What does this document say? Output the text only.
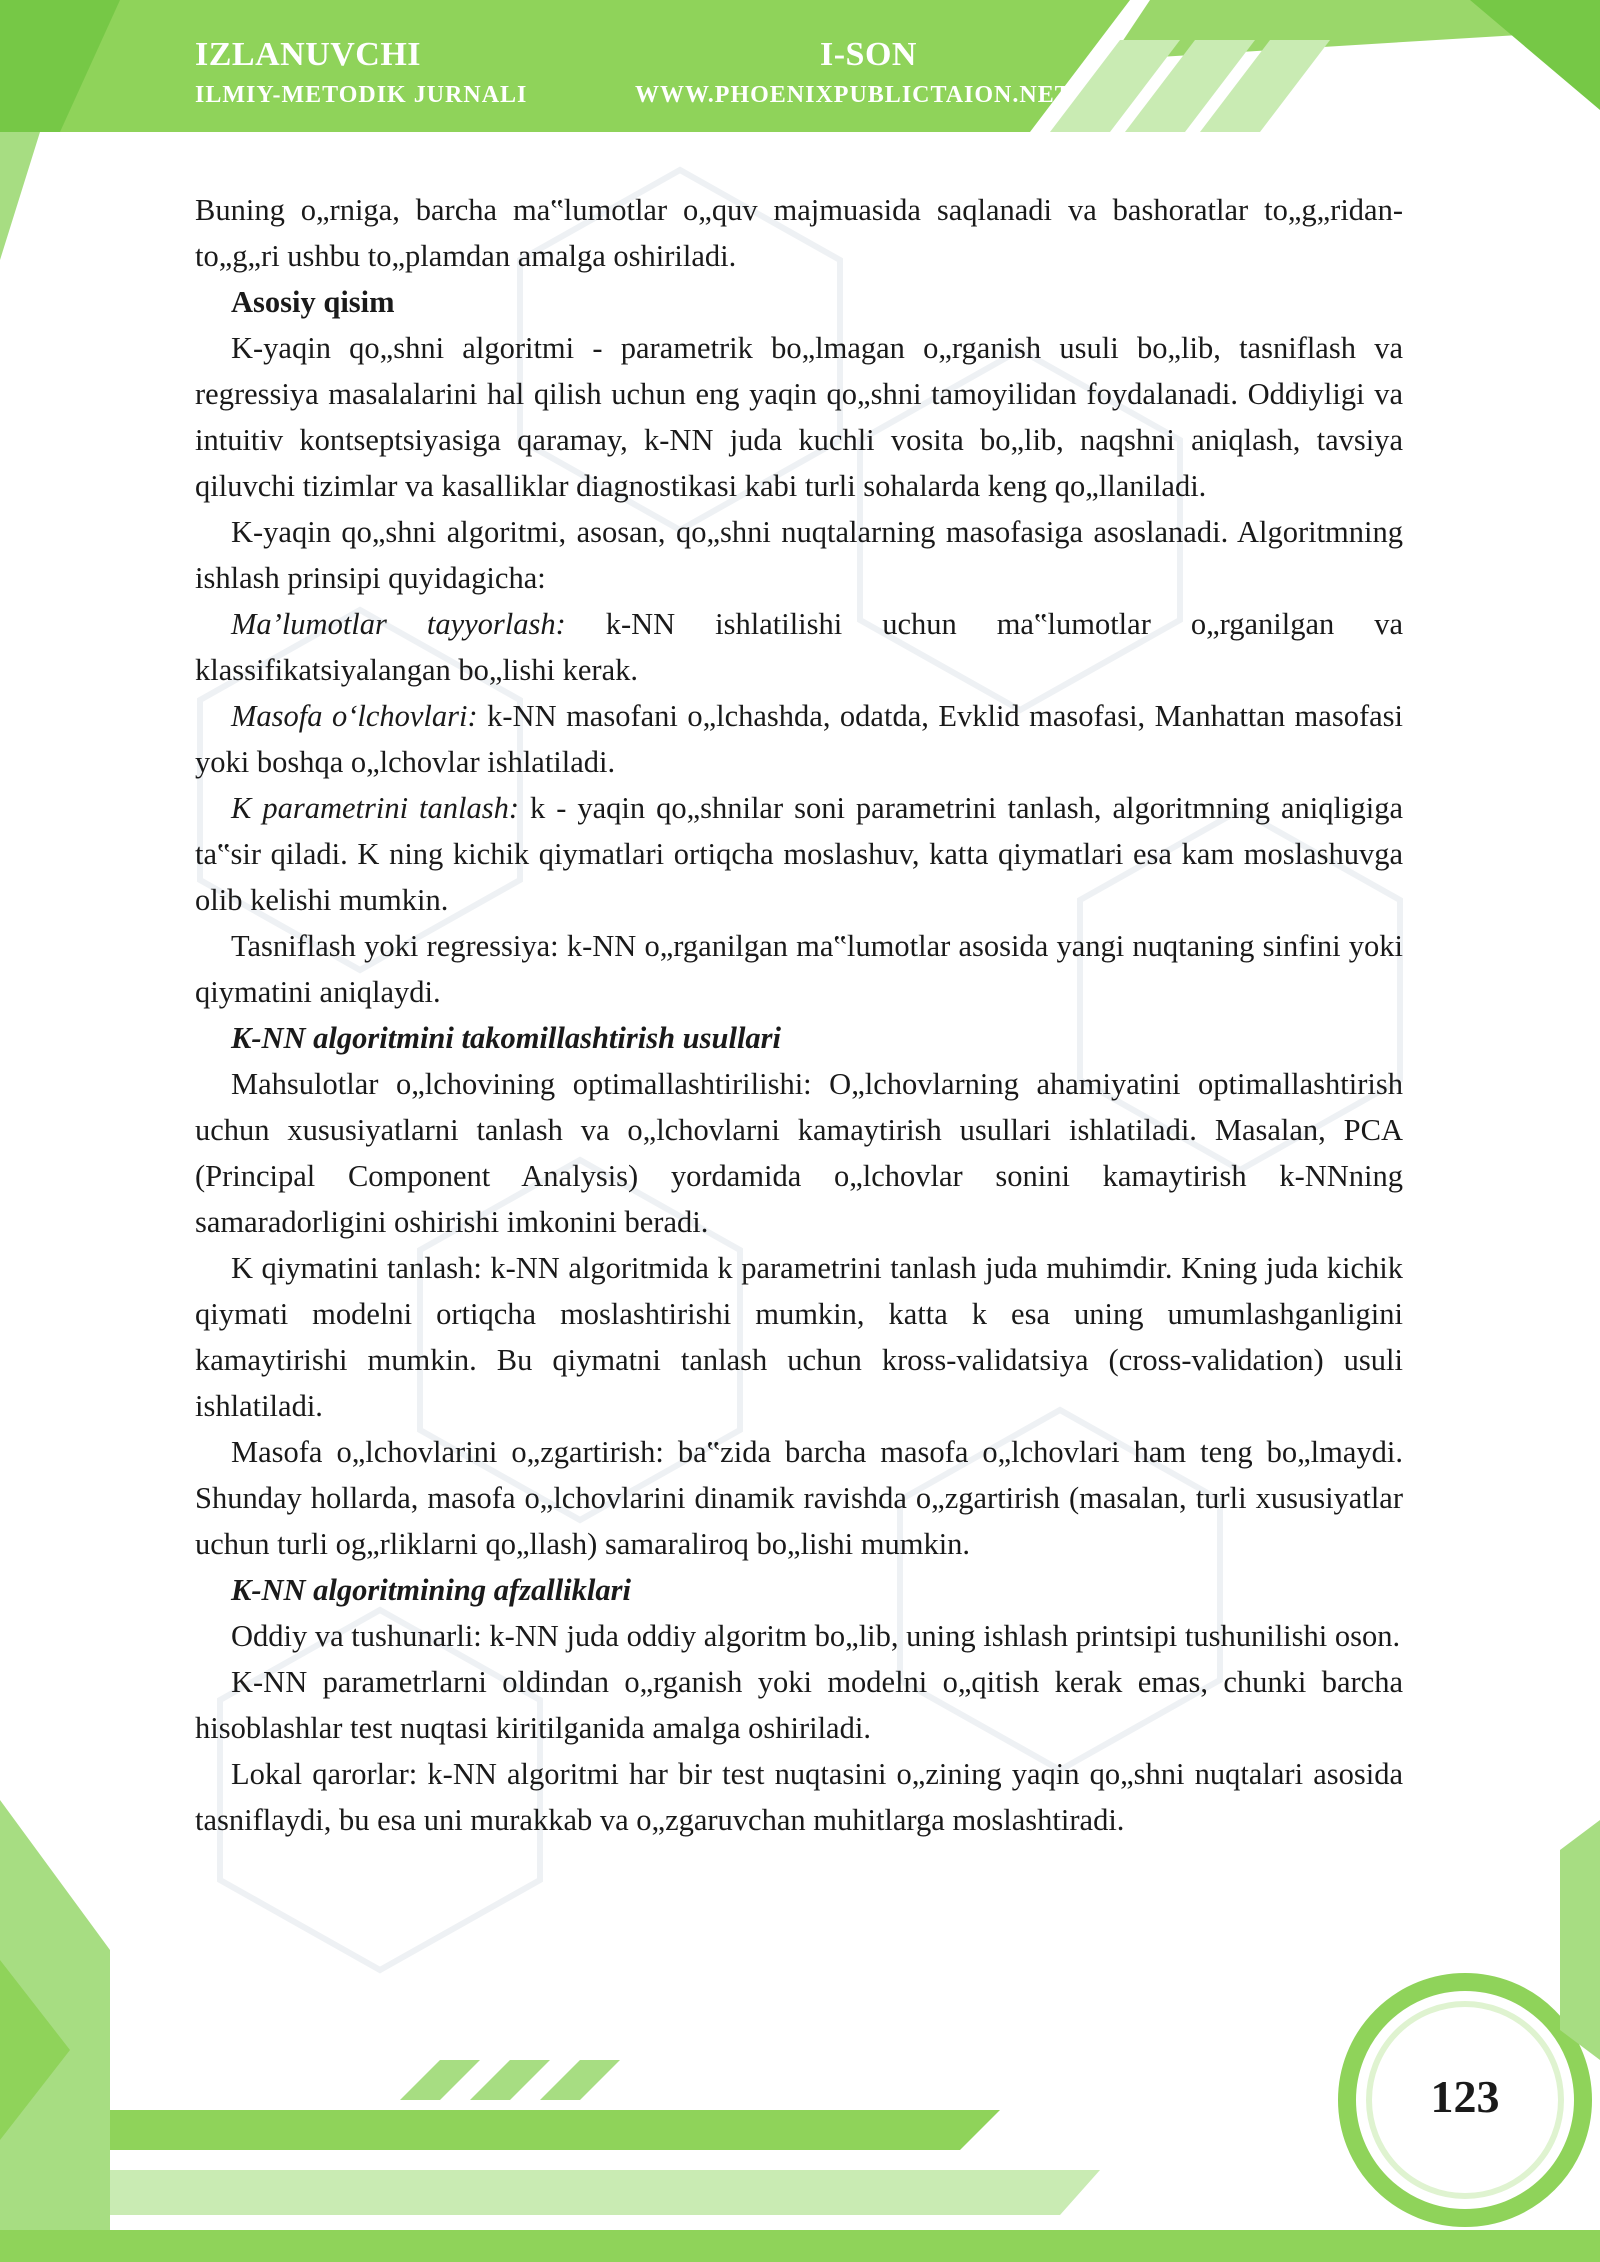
IZLANUVCHI	I-SON
ILMIY-METODIK JURNALI	WWW.PHOENIXPUBLICTAION.NET

Buning o„rniga, barcha ma‟lumotlar o„quv majmuasida saqlanadi va bashoratlar to„g„ridan-to„g„ri ushbu to„plamdan amalga oshiriladi.

Asosiy qisim

K-yaqin qo„shni algoritmi - parametrik bo„lmagan o„rganish usuli bo„lib, tasniflash va regressiya masalalarini hal qilish uchun eng yaqin qo„shni tamoyilidan foydalanadi. Oddiyligi va intuitiv kontseptsiyasiga qaramay, k-NN juda kuchli vosita bo„lib, naqshni aniqlash, tavsiya qiluvchi tizimlar va kasalliklar diagnostikasi kabi turli sohalarda keng qo„llaniladi.

K-yaqin qo„shni algoritmi, asosan, qo„shni nuqtalarning masofasiga asoslanadi. Algoritmning ishlash prinsipi quyidagicha:

Ma’lumotlar tayyorlash: k-NN ishlatilishi uchun ma‟lumotlar o„rganilgan va klassifikatsiyalangan bo„lishi kerak.

Masofa o‘lchovlari: k-NN masofani o„lchashda, odatda, Evklid masofasi, Manhattan masofasi yoki boshqa o„lchovlar ishlatiladi.

K parametrini tanlash: k - yaqin qo„shnilar soni parametrini tanlash, algoritmning aniqligiga ta‟sir qiladi. K ning kichik qiymatlari ortiqcha moslashuv, katta qiymatlari esa kam moslashuvga olib kelishi mumkin.

Tasniflash yoki regressiya: k-NN o„rganilgan ma‟lumotlar asosida yangi nuqtaning sinfini yoki qiymatini aniqlaydi.

K-NN algoritmini takomillashtirish usullari

Mahsulotlar o„lchovining optimallashtirilishi: O„lchovlarning ahamiyatini optimallashtirish uchun xususiyatlarni tanlash va o„lchovlarni kamaytirish usullari ishlatiladi. Masalan, PCA (Principal Component Analysis) yordamida o„lchovlar sonini kamaytirish k-NNning samaradorligini oshirishi imkonini beradi.

K qiymatini tanlash: k-NN algoritmida k parametrini tanlash juda muhimdir. Kning juda kichik qiymati modelni ortiqcha moslashtirishi mumkin, katta k esa uning umumlashganligini kamaytirishi mumkin. Bu qiymatni tanlash uchun kross-validatsiya (cross-validation) usuli ishlatiladi.

Masofa o„lchovlarini o„zgartirish: ba‟zida barcha masofa o„lchovlari ham teng bo„lmaydi. Shunday hollarda, masofa o„lchovlarini dinamik ravishda o„zgartirish (masalan, turli xususiyatlar uchun turli og„rliklarni qo„llash) samaraliroq bo„lishi mumkin.

K-NN algoritmining afzalliklari

Oddiy va tushunarli: k-NN juda oddiy algoritm bo„lib, uning ishlash printsipi tushunilishi oson.

K-NN parametrlarni oldindan o„rganish yoki modelni o„qitish kerak emas, chunki barcha hisoblashlar test nuqtasi kiritilganida amalga oshiriladi.

Lokal qarorlar: k-NN algoritmi har bir test nuqtasini o„zining yaqin qo„shni nuqtalari asosida tasniflaydi, bu esa uni murakkab va o„zgaruvchan muhitlarga moslashtiradi.

123
